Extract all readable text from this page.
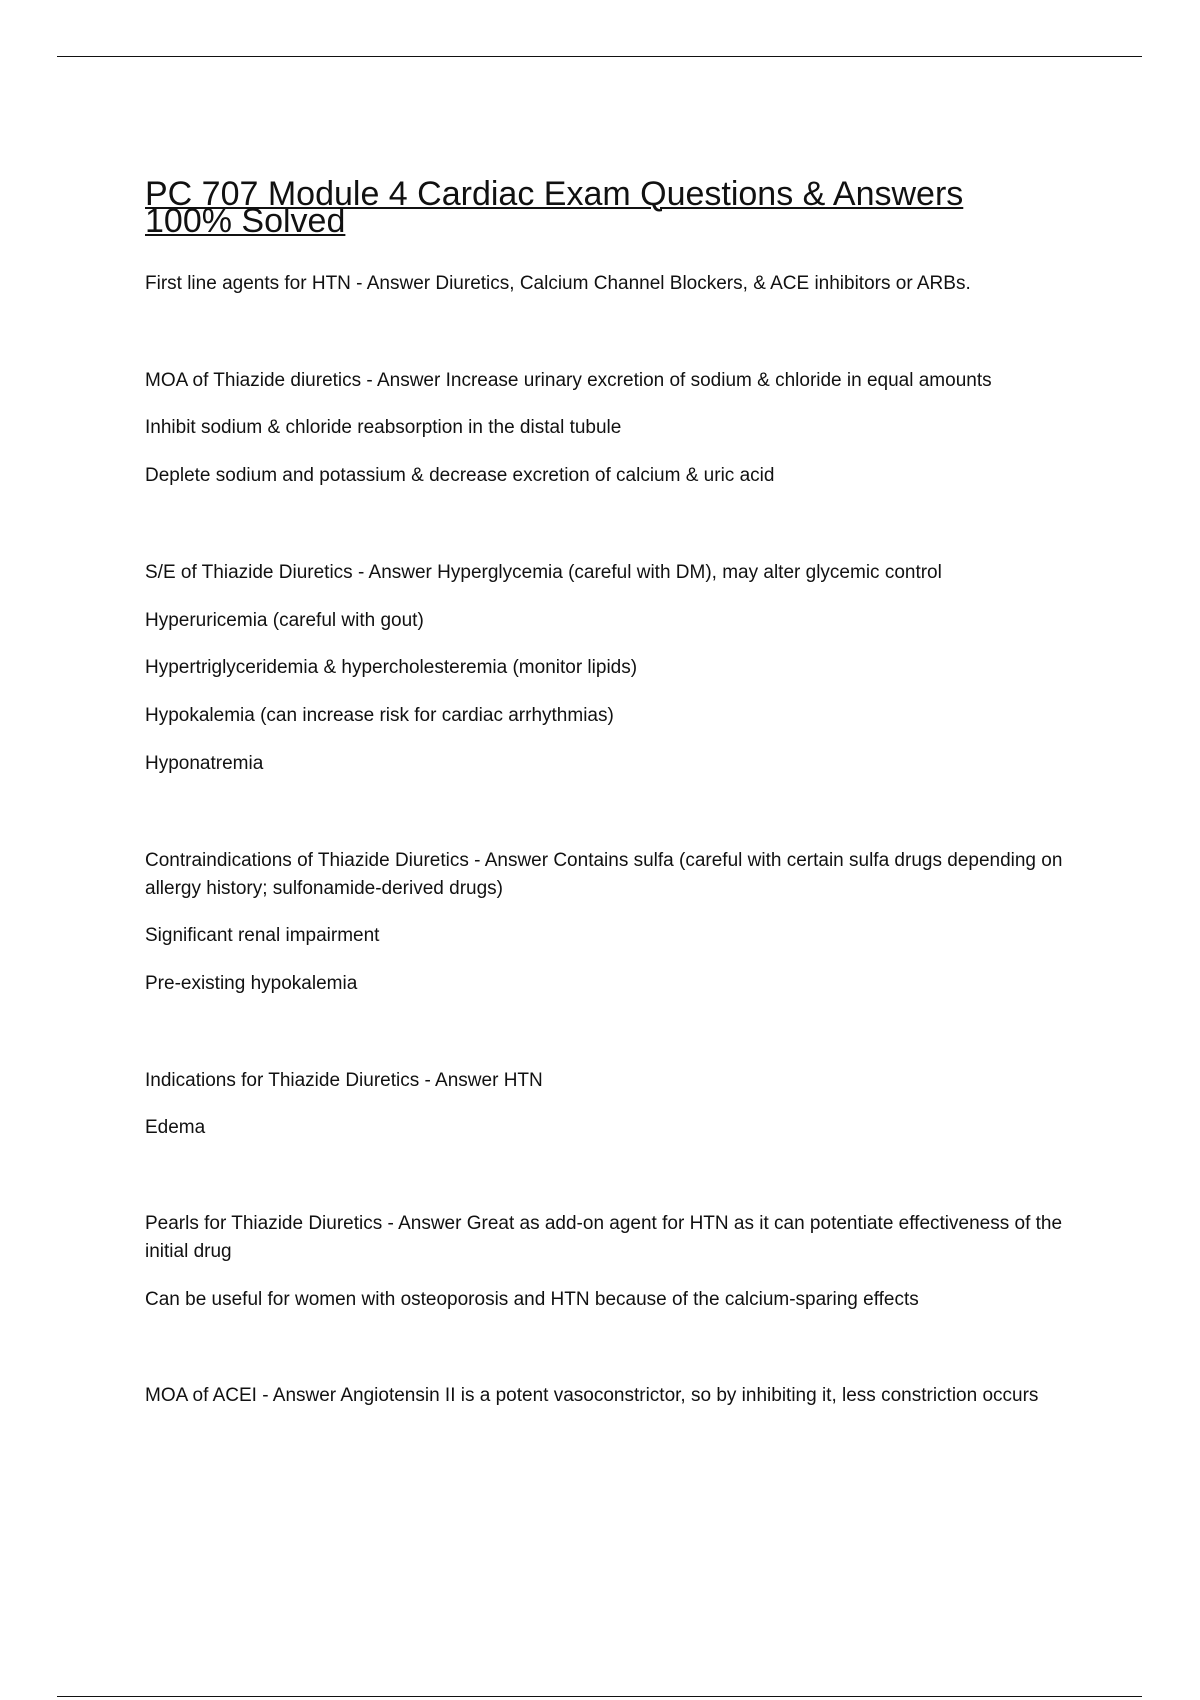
PC 707 Module 4 Cardiac Exam Questions & Answers 100% Solved
First line agents for HTN - Answer Diuretics, Calcium Channel Blockers, & ACE inhibitors or ARBs.
MOA of Thiazide diuretics - Answer Increase urinary excretion of sodium & chloride in equal amounts
Inhibit sodium & chloride reabsorption in the distal tubule
Deplete sodium and potassium & decrease excretion of calcium & uric acid
S/E of Thiazide Diuretics - Answer Hyperglycemia (careful with DM), may alter glycemic control
Hyperuricemia (careful with gout)
Hypertriglyceridemia & hypercholesteremia (monitor lipids)
Hypokalemia (can increase risk for cardiac arrhythmias)
Hyponatremia
Contraindications of Thiazide Diuretics - Answer Contains sulfa (careful with certain sulfa drugs depending on allergy history; sulfonamide-derived drugs)
Significant renal impairment
Pre-existing hypokalemia
Indications for Thiazide Diuretics - Answer HTN
Edema
Pearls for Thiazide Diuretics - Answer Great as add-on agent for HTN as it can potentiate effectiveness of the initial drug
Can be useful for women with osteoporosis and HTN because of the calcium-sparing effects
MOA of ACEI - Answer Angiotensin II is a potent vasoconstrictor, so by inhibiting it, less constriction occurs
